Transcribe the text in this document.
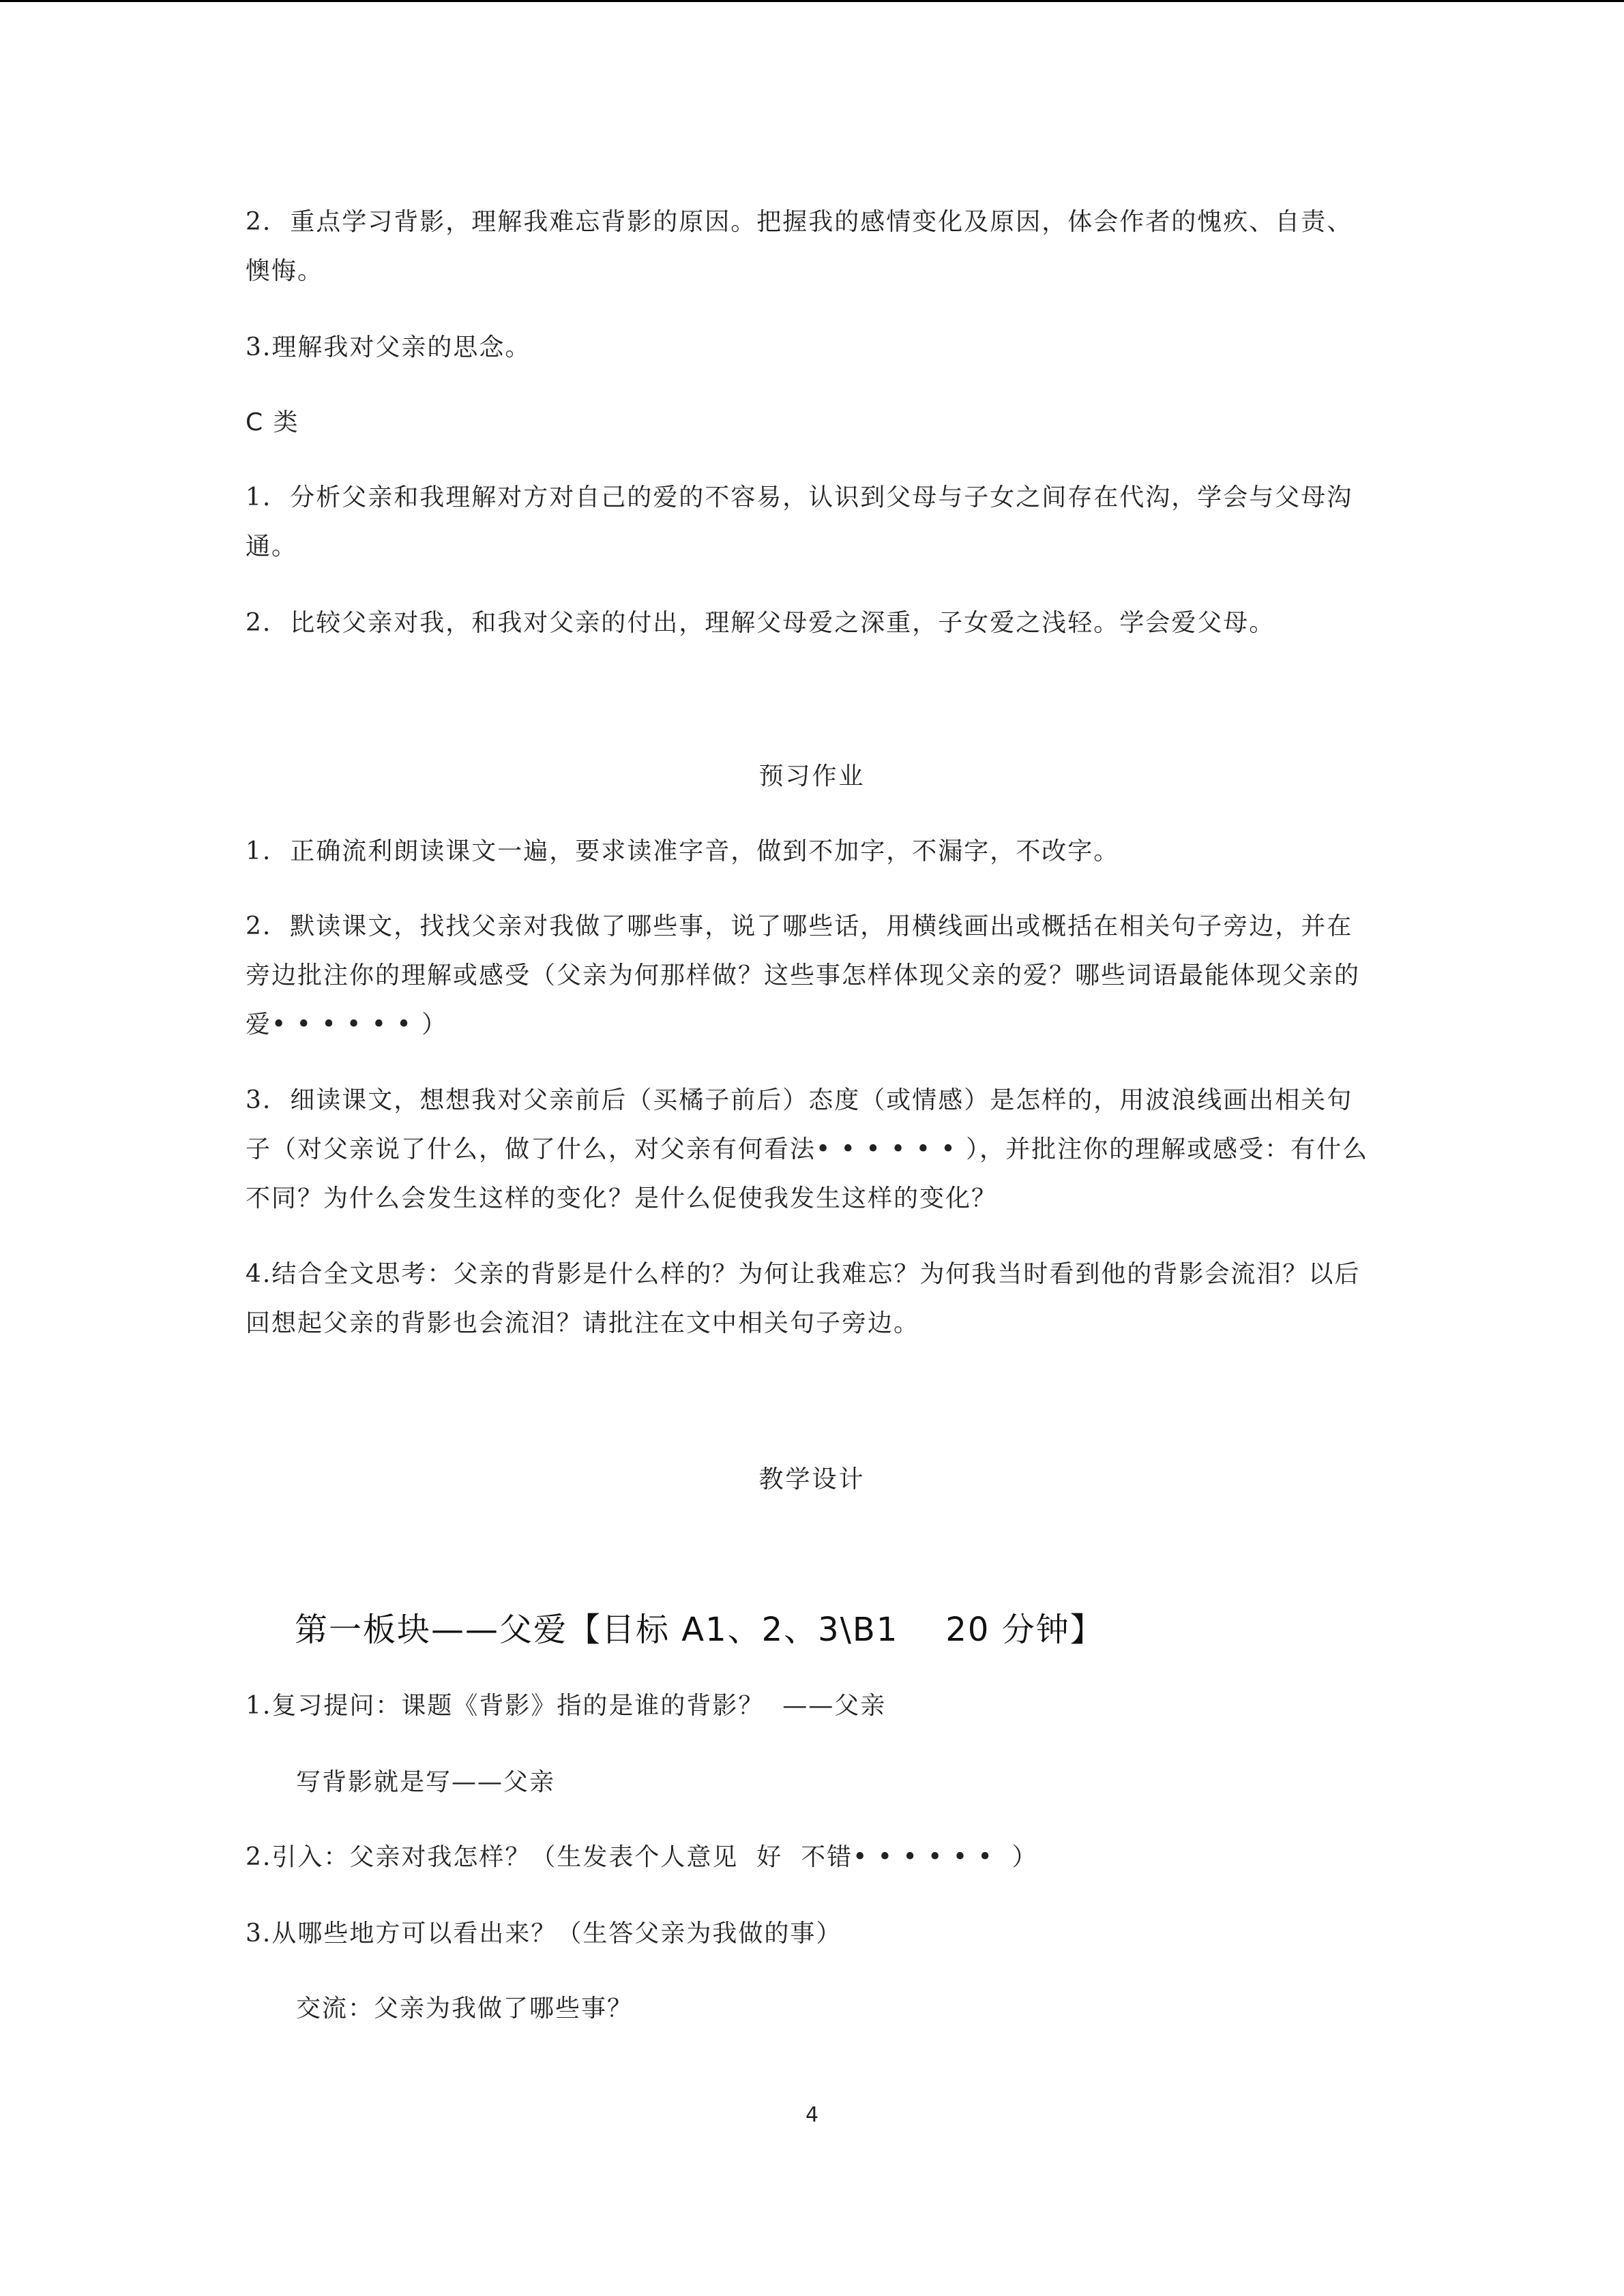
2.  重点学习背影，理解我难忘背影的原因。把握我的感情变化及原因，体会作者的愧疚、自责、懊悔。

3.理解我对父亲的思念。

C 类

1.  分析父亲和我理解对方对自己的爱的不容易，认识到父母与子女之间存在代沟，学会与父母沟通。

2.  比较父亲对我，和我对父亲的付出，理解父母爱之深重，子女爱之浅轻。学会爱父母。

预习作业

1.  正确流利朗读课文一遍，要求读准字音，做到不加字，不漏字，不改字。

2.  默读课文，找找父亲对我做了哪些事，说了哪些话，用横线画出或概括在相关句子旁边，并在旁边批注你的理解或感受（父亲为何那样做？这些事怎样体现父亲的爱？哪些词语最能体现父亲的爱• • • • • • ）

3.  细读课文，想想我对父亲前后（买橘子前后）态度（或情感）是怎样的，用波浪线画出相关句子（对父亲说了什么，做了什么，对父亲有何看法• • • • • • ），并批注你的理解或感受：有什么不同？为什么会发生这样的变化？是什么促使我发生这样的变化？

4.结合全文思考：父亲的背影是什么样的？为何让我难忘？为何我当时看到他的背影会流泪？以后回想起父亲的背影也会流泪？请批注在文中相关句子旁边。

教学设计

第一板块——父爱【目标 A1、2、3\B1    20 分钟】

1.复习提问：课题《背影》指的是谁的背影？  ——父亲

写背影就是写——父亲

2.引入：父亲对我怎样？（生发表个人意见  好  不错• • • • • •  ）

3.从哪些地方可以看出来？（生答父亲为我做的事）

交流：父亲为我做了哪些事？

4
